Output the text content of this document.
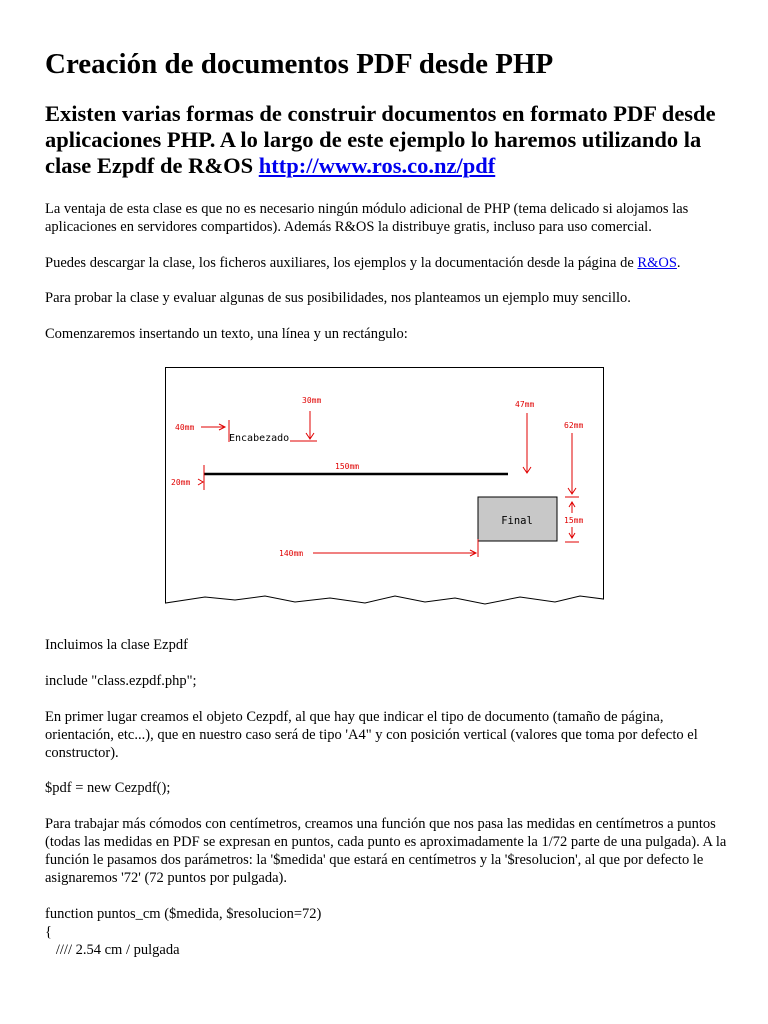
Creación de documentos PDF desde PHP
Existen varias formas de construir documentos en formato PDF desde aplicaciones PHP. A lo largo de este ejemplo lo haremos utilizando la clase Ezpdf de R&OS http://www.ros.co.nz/pdf

La ventaja de esta clase es que no es necesario ningún módulo adicional de PHP (tema delicado si alojamos las aplicaciones en servidores compartidos). Además R&OS la distribuye gratis, incluso para uso comercial.

Puedes descargar la clase, los ficheros auxiliares, los ejemplos y la documentación desde la página de R&OS.

Para probar la clase y evaluar algunas de sus posibilidades, nos planteamos un ejemplo muy sencillo.

Comenzaremos insertando un texto, una línea y un rectángulo:

30mm
40mm
Encabezado
47mm
62mm
150mm
20mm
Final	15mm
140mm

Incluimos la clase Ezpdf

include "class.ezpdf.php";

En primer lugar creamos el objeto Cezpdf, al que hay que indicar el tipo de documento (tamaño de página, orientación, etc...), que en nuestro caso será de tipo 'A4" y con posición vertical (valores que toma por defecto el constructor).

$pdf = new Cezpdf();

Para trabajar más cómodos con centímetros, creamos una función que nos pasa las medidas en centímetros a puntos (todas las medidas en PDF se expresan en puntos, cada punto es aproximadamente la 1/72 parte de una pulgada). A la función le pasamos dos parámetros: la '$medida' que estará en centímetros y la '$resolucion', al que por defecto le asignaremos '72' (72 puntos por pulgada).

function puntos_cm ($medida, $resolucion=72)
{
//// 2.54 cm / pulgada
